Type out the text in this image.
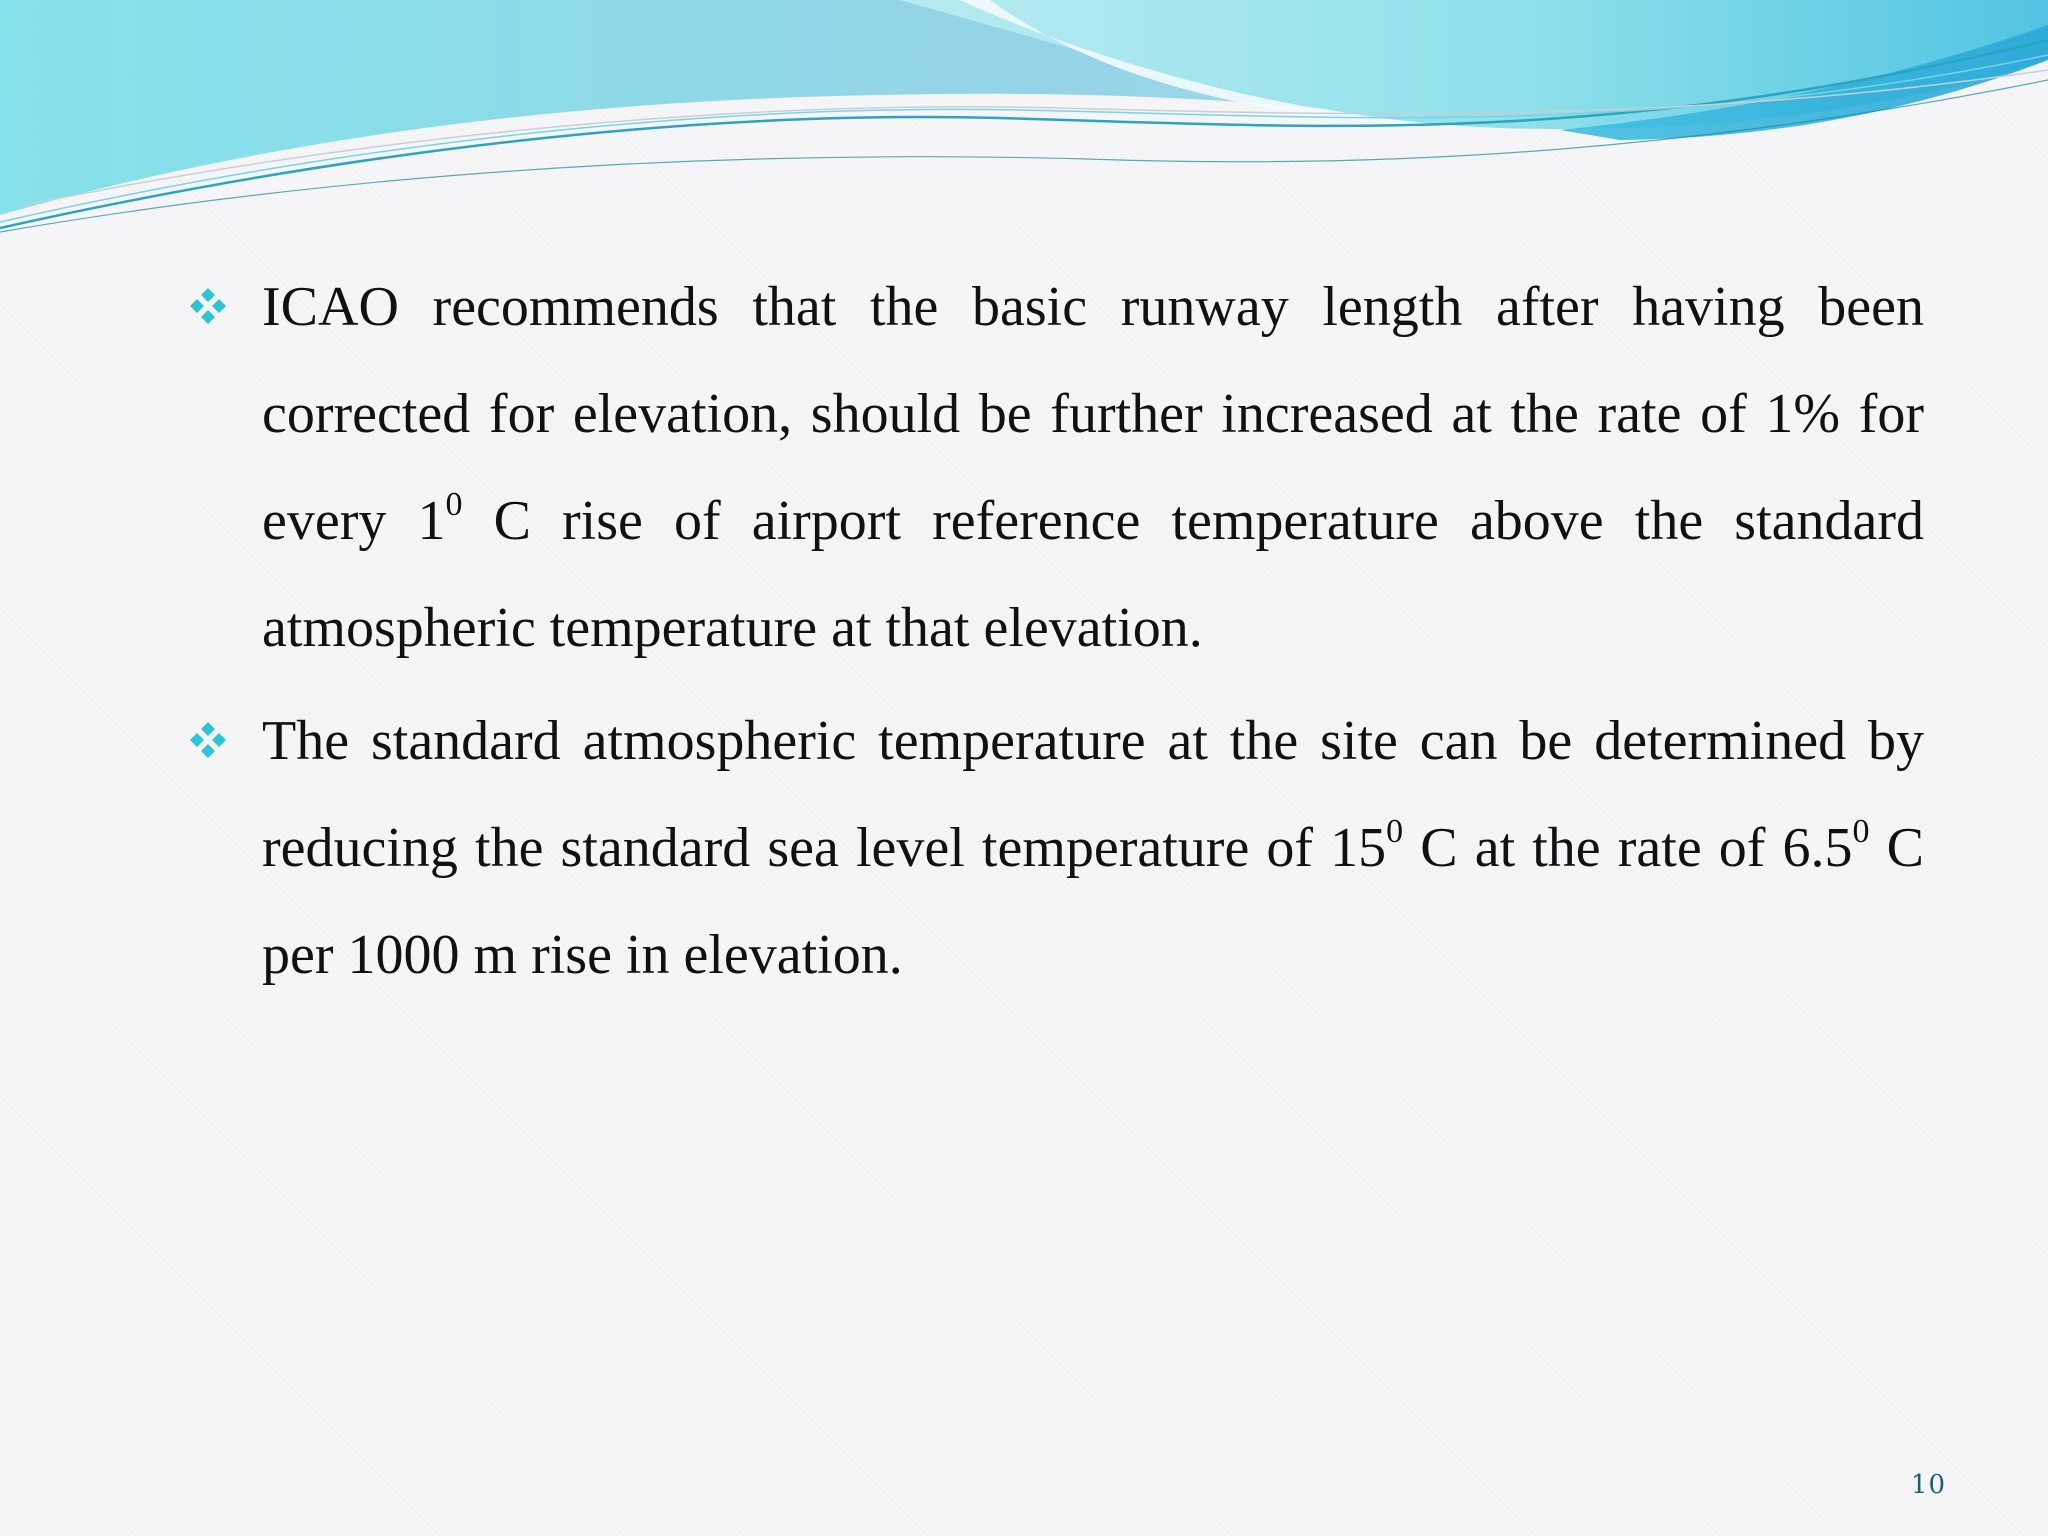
ICAO recommends that the basic runway length after having been corrected for elevation, should be further increased at the rate of 1% for every $1^0$ C rise of airport reference temperature above the standard atmospheric temperature at that elevation.
The standard atmospheric temperature at the site can be determined by reducing the standard sea level temperature of $15^0$ C at the rate of $6.5^0$ C per 1000 m rise in elevation.
10
